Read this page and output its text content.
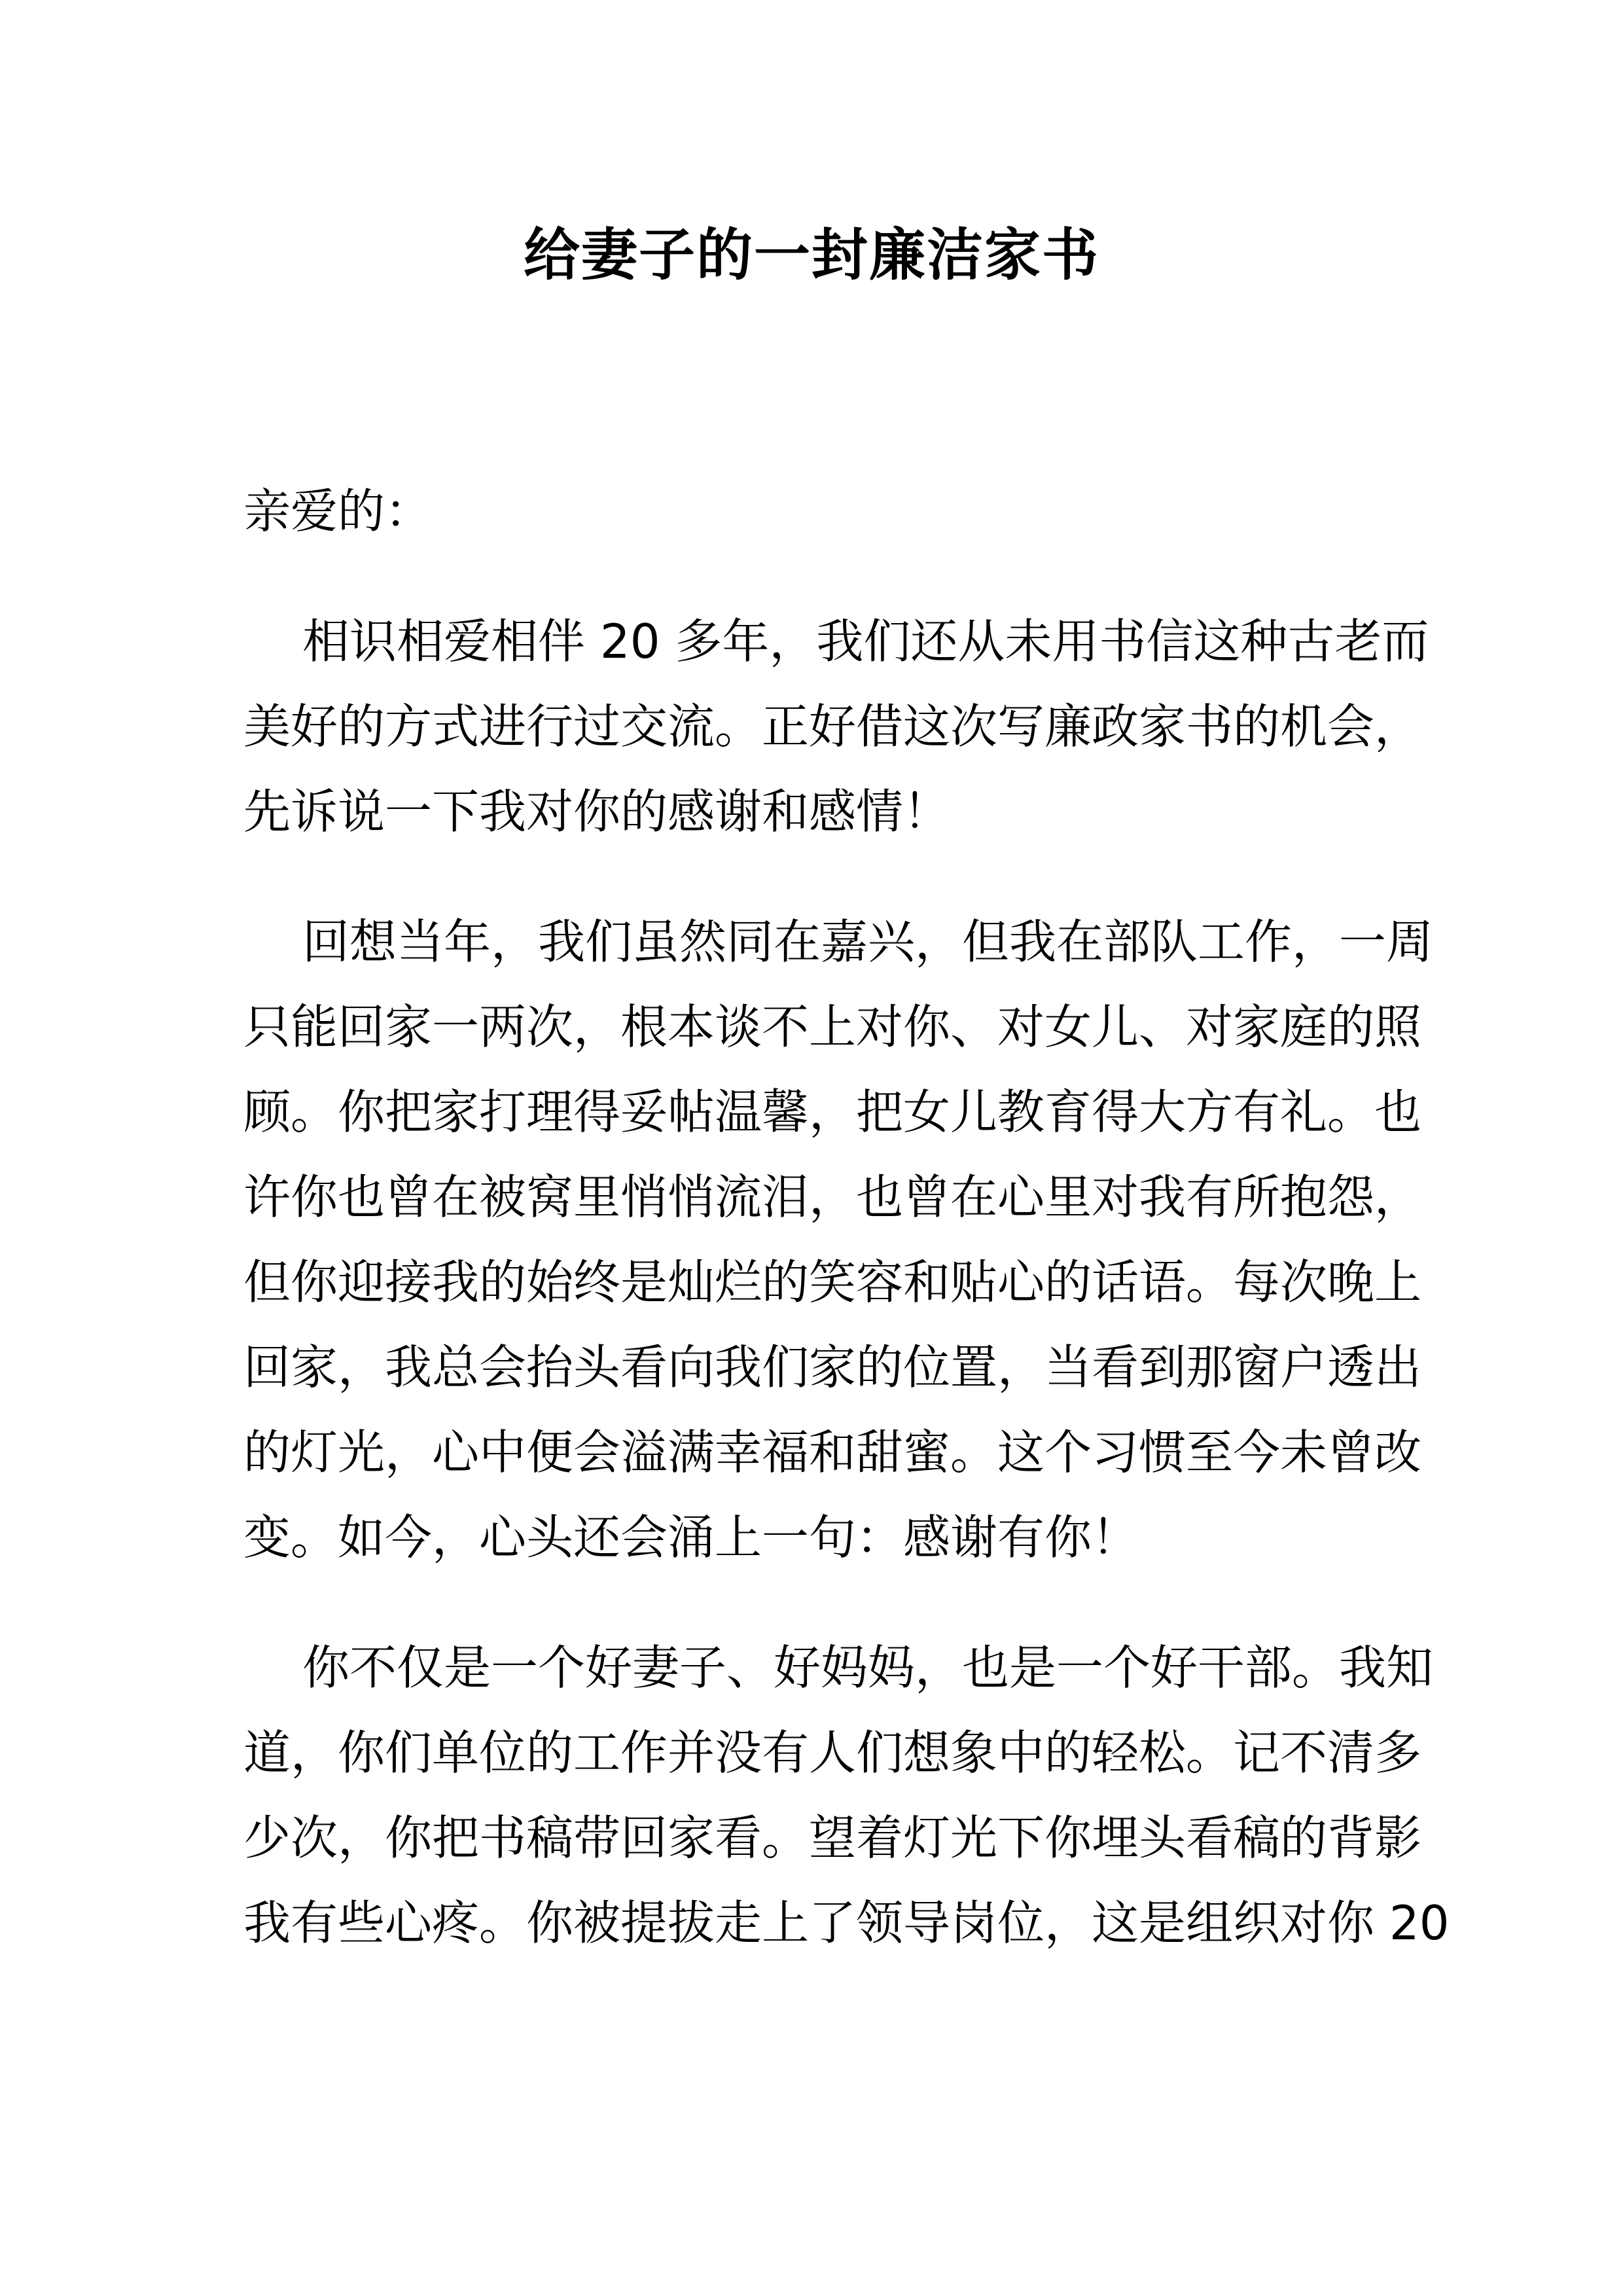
给妻子的一封廉洁家书

亲爱的：

相识相爱相伴 20 多年，我们还从未用书信这种古老而
美好的方式进行过交流。正好借这次写廉政家书的机会，
先诉说一下我对你的感谢和感情！

回想当年，我们虽然同在嘉兴，但我在部队工作，一周
只能回家一两次，根本谈不上对你、对女儿、对家庭的照
顾。你把家打理得妥帖温馨，把女儿教育得大方有礼。也
许你也曾在被窝里悄悄流泪，也曾在心里对我有所抱怨，
但你迎接我的始终是灿烂的笑容和贴心的话语。每次晚上
回家，我总会抬头看向我们家的位置，当看到那窗户透出
的灯光，心中便会溢满幸福和甜蜜。这个习惯至今未曾改
变。如今，心头还会涌上一句：感谢有你！

你不仅是一个好妻子、好妈妈，也是一个好干部。我知
道，你们单位的工作并没有人们想象中的轻松。记不清多
少次，你把书稿带回家看。望着灯光下你埋头看稿的背影
我有些心疼。你被提拔走上了领导岗位，这是组织对你 20
